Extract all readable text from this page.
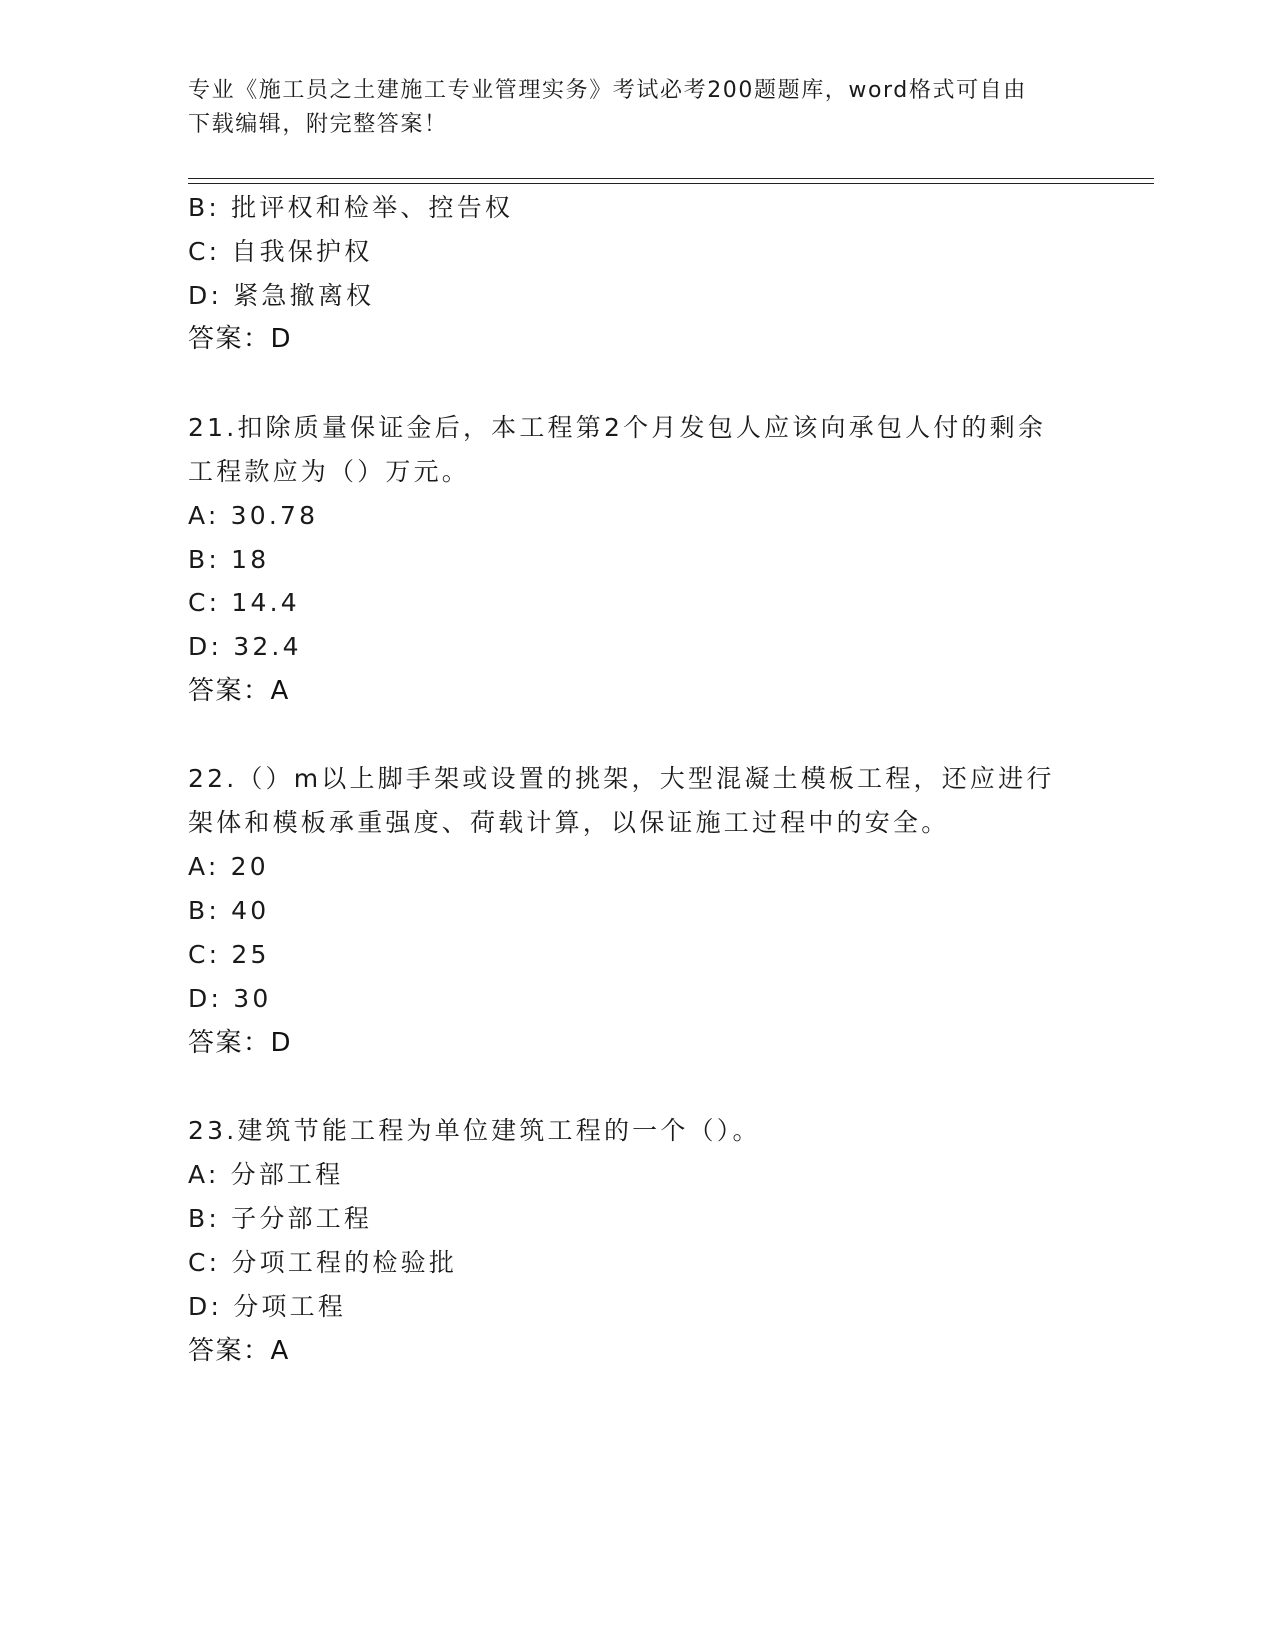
专业《施工员之土建施工专业管理实务》考试必考200题题库，word格式可自由
下载编辑，附完整答案！
B: 批评权和检举、控告权
C: 自我保护权
D: 紧急撤离权
答案：D
21.扣除质量保证金后，本工程第2个月发包人应该向承包人付的剩余
工程款应为（）万元。
A: 30.78
B: 18
C: 14.4
D: 32.4
答案：A
22.（）m以上脚手架或设置的挑架，大型混凝土模板工程，还应进行
架体和模板承重强度、荷载计算，以保证施工过程中的安全。
A: 20
B: 40
C: 25
D: 30
答案：D
23.建筑节能工程为单位建筑工程的一个（）。
A: 分部工程
B: 子分部工程
C: 分项工程的检验批
D: 分项工程
答案：A
